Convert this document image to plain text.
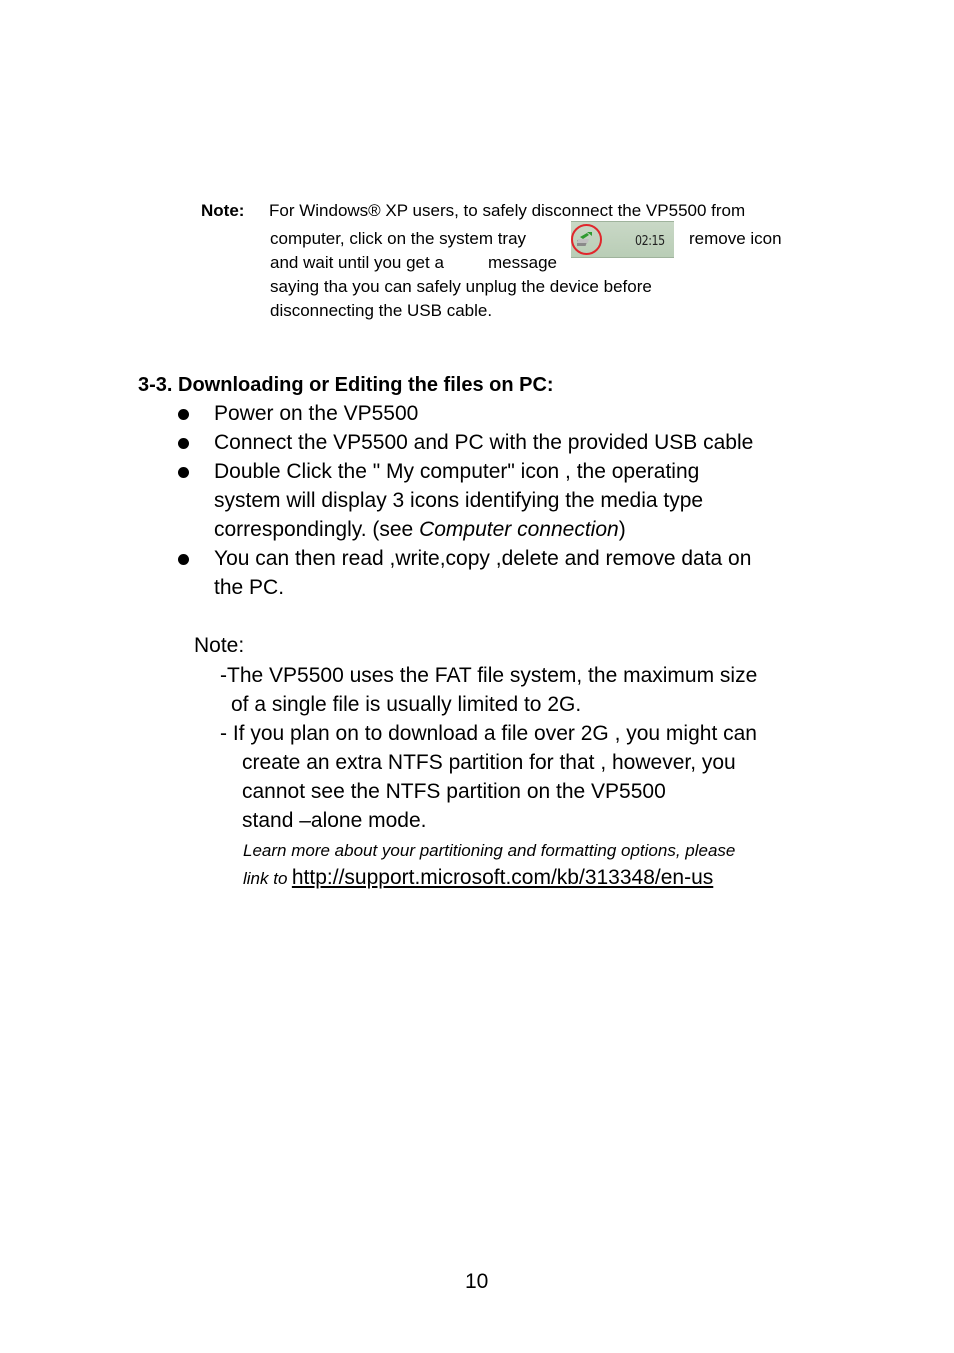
Note: For Windows® XP users, to safely disconnect the VP5500 from
computer, click on the system tray	02:15 remove icon
and wait until you get a	message
saying tha you can safely unplug the device before
disconnecting the USB cable.
3-3. Downloading or Editing the files on PC:
Power on the VP5500
Connect the VP5500 and PC with the provided USB cable
Double Click the " My computer" icon , the operating
system will display 3 icons identifying the media type
correspondingly. (see Computer connection)
You can then read ,write,copy ,delete and remove data on
the PC.
Note:
-The VP5500 uses the FAT file system, the maximum size
of a single file is usually limited to 2G.
- If you plan on to download a file over 2G , you might can
create an extra NTFS partition for that , however, you
cannot see the NTFS partition on the VP5500
stand –alone mode.
Learn more about your partitioning and formatting options, please
link to http://support.microsoft.com/kb/313348/en-us
10
